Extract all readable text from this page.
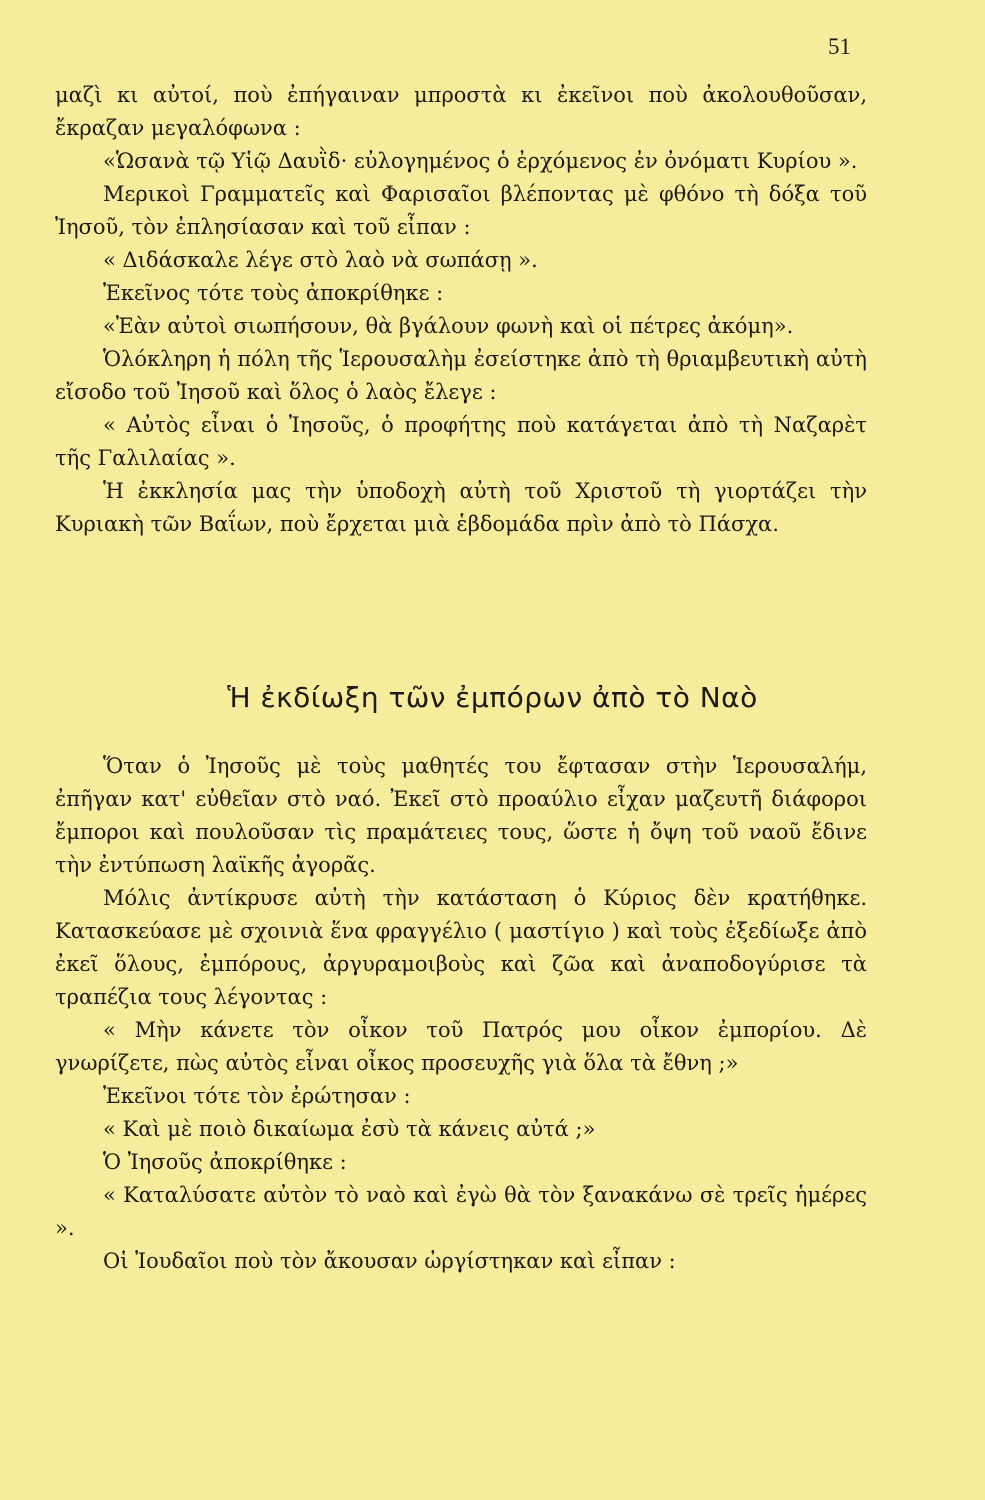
51

μαζὶ κι αὐτοί, ποὺ ἐπήγαιναν μπροστὰ κι ἐκεῖνοι ποὺ ἀκολουθοῦσαν, ἔκραζαν μεγαλόφωνα :

«Ὡσανὰ τῷ Υἱῷ Δαυῒδ· εὐλογημένος ὁ ἐρχόμενος ἐν ὀνόματι Κυρίου ».

Μερικοὶ Γραμματεῖς καὶ Φαρισαῖοι βλέποντας μὲ φθόνο τὴ δόξα τοῦ Ἰησοῦ, τὸν ἐπλησίασαν καὶ τοῦ εἶπαν :

« Διδάσκαλε λέγε στὸ λαὸ νὰ σωπάσῃ ».

Ἐκεῖνος τότε τοὺς ἀποκρίθηκε :

«Ἐὰν αὐτοὶ σιωπήσουν, θὰ βγάλουν φωνὴ καὶ οἱ πέτρες ἀκόμη».

Ὁλόκληρη ἡ πόλη τῆς Ἱερουσαλὴμ ἐσείστηκε ἀπὸ τὴ θριαμβευτικὴ αὐτὴ εἴσοδο τοῦ Ἰησοῦ καὶ ὅλος ὁ λαὸς ἔλεγε :

« Αὐτὸς εἶναι ὁ Ἰησοῦς, ὁ προφήτης ποὺ κατάγεται ἀπὸ τὴ Ναζαρὲτ τῆς Γαλιλαίας ».

Ἡ ἐκκλησία μας τὴν ὑποδοχὴ αὐτὴ τοῦ Χριστοῦ τὴ γιορτάζει τὴν Κυριακὴ τῶν Βαΐων, ποὺ ἔρχεται μιὰ ἑβδομάδα πρὶν ἀπὸ τὸ Πάσχα.

Ἡ ἐκδίωξη τῶν ἐμπόρων ἀπὸ τὸ Ναὸ

Ὅταν ὁ Ἰησοῦς μὲ τοὺς μαθητές του ἔφτασαν στὴν Ἱερουσαλήμ, ἐπῆγαν κατ' εὐθεῖαν στὸ ναό. Ἐκεῖ στὸ προαύλιο εἶχαν μαζευτῆ διάφοροι ἔμποροι καὶ πουλοῦσαν τὶς πραμάτειες τους, ὥστε ἡ ὄψη τοῦ ναοῦ ἔδινε τὴν ἐντύπωση λαϊκῆς ἀγορᾶς.

Μόλις ἀντίκρυσε αὐτὴ τὴν κατάσταση ὁ Κύριος δὲν κρατήθηκε. Κατασκεύασε μὲ σχοινιὰ ἕνα φραγγέλιο ( μαστίγιο ) καὶ τοὺς ἐξεδίωξε ἀπὸ ἐκεῖ ὅλους, ἐμπόρους, ἀργυραμοιβοὺς καὶ ζῶα καὶ ἀναποδογύρισε τὰ τραπέζια τους λέγοντας :

« Μὴν κάνετε τὸν οἶκον τοῦ Πατρός μου οἶκον ἐμπορίου. Δὲ γνωρίζετε, πὼς αὐτὸς εἶναι οἶκος προσευχῆς γιὰ ὅλα τὰ ἔθνη ;»

Ἐκεῖνοι τότε τὸν ἐρώτησαν :

« Καὶ μὲ ποιὸ δικαίωμα ἐσὺ τὰ κάνεις αὐτά ;»

Ὁ Ἰησοῦς ἀποκρίθηκε :

« Καταλύσατε αὐτὸν τὸ ναὸ καὶ ἐγὼ θὰ τὸν ξανακάνω σὲ τρεῖς ἡμέρες ».

Οἱ Ἰουδαῖοι ποὺ τὸν ἄκουσαν ὠργίστηκαν καὶ εἶπαν :
